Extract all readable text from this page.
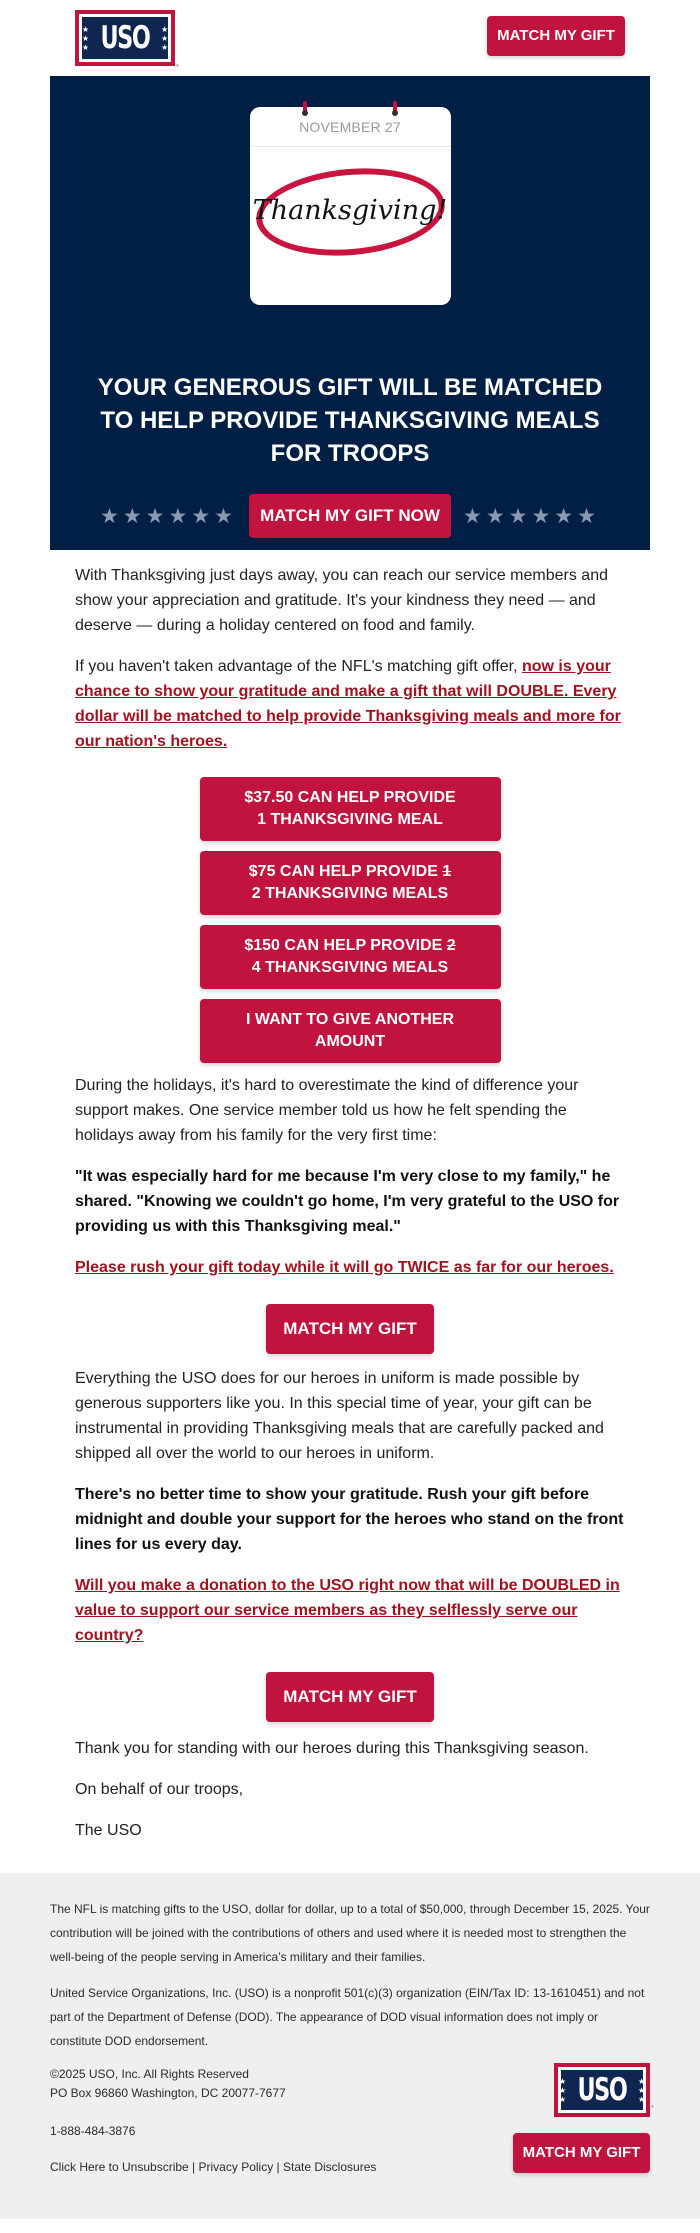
★
★
★ USO ★
★
★
®
MATCH MY GIFT
NOVEMBER 27
Thanksgiving!
YOUR GENEROUS GIFT WILL BE MATCHED TO HELP PROVIDE THANKSGIVING MEALS FOR TROOPS
★★★★★★	MATCH MY GIFT NOW	★★★★★★

With Thanksgiving just days away, you can reach our service members and show your appreciation and gratitude. It's your kindness they need — and deserve — during a holiday centered on food and family.

If you haven't taken advantage of the NFL's matching gift offer, now is your chance to show your gratitude and make a gift that will DOUBLE. Every dollar will be matched to help provide Thanksgiving meals and more for our nation's heroes.

$37.50 CAN HELP PROVIDE
1 THANKSGIVING MEAL
$75 CAN HELP PROVIDE 1
2 THANKSGIVING MEALS
$150 CAN HELP PROVIDE 2
4 THANKSGIVING MEALS
I WANT TO GIVE ANOTHER
AMOUNT

During the holidays, it's hard to overestimate the kind of difference your support makes. One service member told us how he felt spending the holidays away from his family for the very first time:

"It was especially hard for me because I'm very close to my family," he shared. "Knowing we couldn't go home, I'm very grateful to the USO for providing us with this Thanksgiving meal."

Please rush your gift today while it will go TWICE as far for our heroes.

MATCH MY GIFT

Everything the USO does for our heroes in uniform is made possible by generous supporters like you. In this special time of year, your gift can be instrumental in providing Thanksgiving meals that are carefully packed and shipped all over the world to our heroes in uniform.

There's no better time to show your gratitude. Rush your gift before midnight and double your support for the heroes who stand on the front lines for us every day.

Will you make a donation to the USO right now that will be DOUBLED in value to support our service members as they selflessly serve our country?

MATCH MY GIFT

Thank you for standing with our heroes during this Thanksgiving season.

On behalf of our troops,

The USO

The NFL is matching gifts to the USO, dollar for dollar, up to a total of $50,000, through December 15, 2025. Your contribution will be joined with the contributions of others and used where it is needed most to strengthen the well-being of the people serving in America’s military and their families.

United Service Organizations, Inc. (USO) is a nonprofit 501(c)(3) organization (EIN/Tax ID: 13-1610451) and not part of the Department of Defense (DOD). The appearance of DOD visual information does not imply or constitute DOD endorsement.

©2025 USO, Inc. All Rights Reserved
PO Box 96860 Washington, DC 20077-7677
1-888-484-3876
Click Here to Unsubscribe | Privacy Policy | State Disclosures
★
★
★ USO ★
★
★
®
MATCH MY GIFT
